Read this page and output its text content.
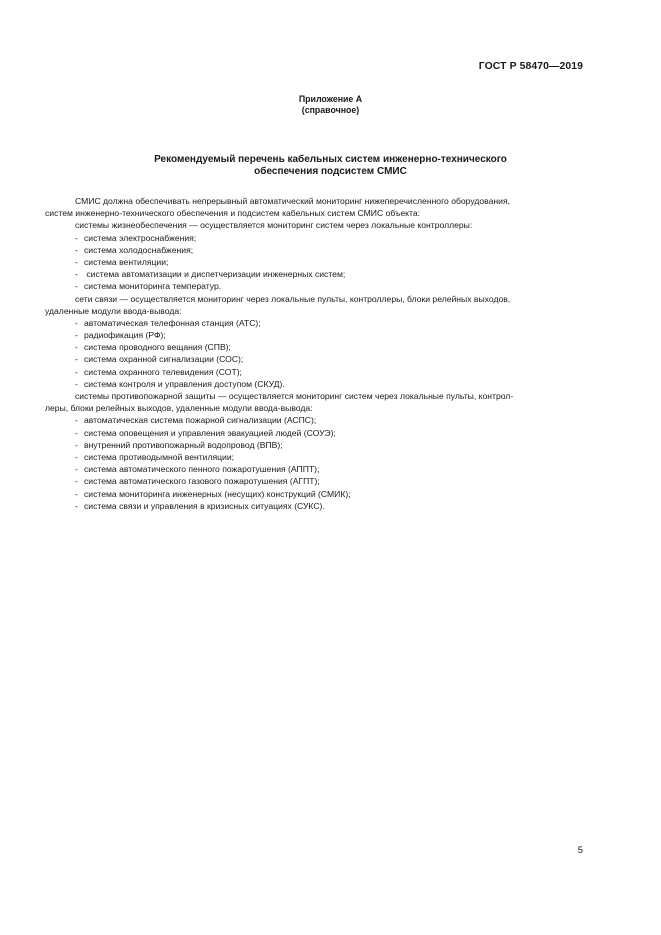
ГОСТ Р 58470—2019
Приложение А
(справочное)
Рекомендуемый перечень кабельных систем инженерно-технического
обеспечения подсистем СМИС
СМИС должна обеспечивать непрерывный автоматический мониторинг нижеперечисленного оборудования,
систем инженерно-технического обеспечения и подсистем кабельных систем СМИС объекта:
системы жизнеобеспечения — осуществляется мониторинг систем через локальные контроллеры:
- система электроснабжения;
- система холодоснабжения;
- система вентиляции;
- система автоматизации и диспетчеризации инженерных систем;
- система мониторинга температур.
сети связи — осуществляется мониторинг через локальные пульты, контроллеры, блоки релейных выходов,
удаленные модули ввода-вывода:
- автоматическая телефонная станция (АТС);
- радиофикация (РФ);
- система проводного вещания (СПВ);
- система охранной сигнализации (СОС);
- система охранного телевидения (СОТ);
- система контроля и управления доступом (СКУД).
системы противопожарной защиты — осуществляется мониторинг систем через локальные пульты, контрол-
леры, блоки релейных выходов, удаленные модули ввода-вывода:
- автоматическая система пожарной сигнализации (АСПС);
- система оповещения и управления эвакуацией людей (СОУЭ);
- внутренний противопожарный водопровод (ВПВ);
- система противодымной вентиляции;
- система автоматического пенного пожаротушения (АППТ);
- система автоматического газового пожаротушения (АГПТ);
- система мониторинга инженерных (несущих) конструкций (СМИК);
- система связи и управления в кризисных ситуациях (СУКС).
5
